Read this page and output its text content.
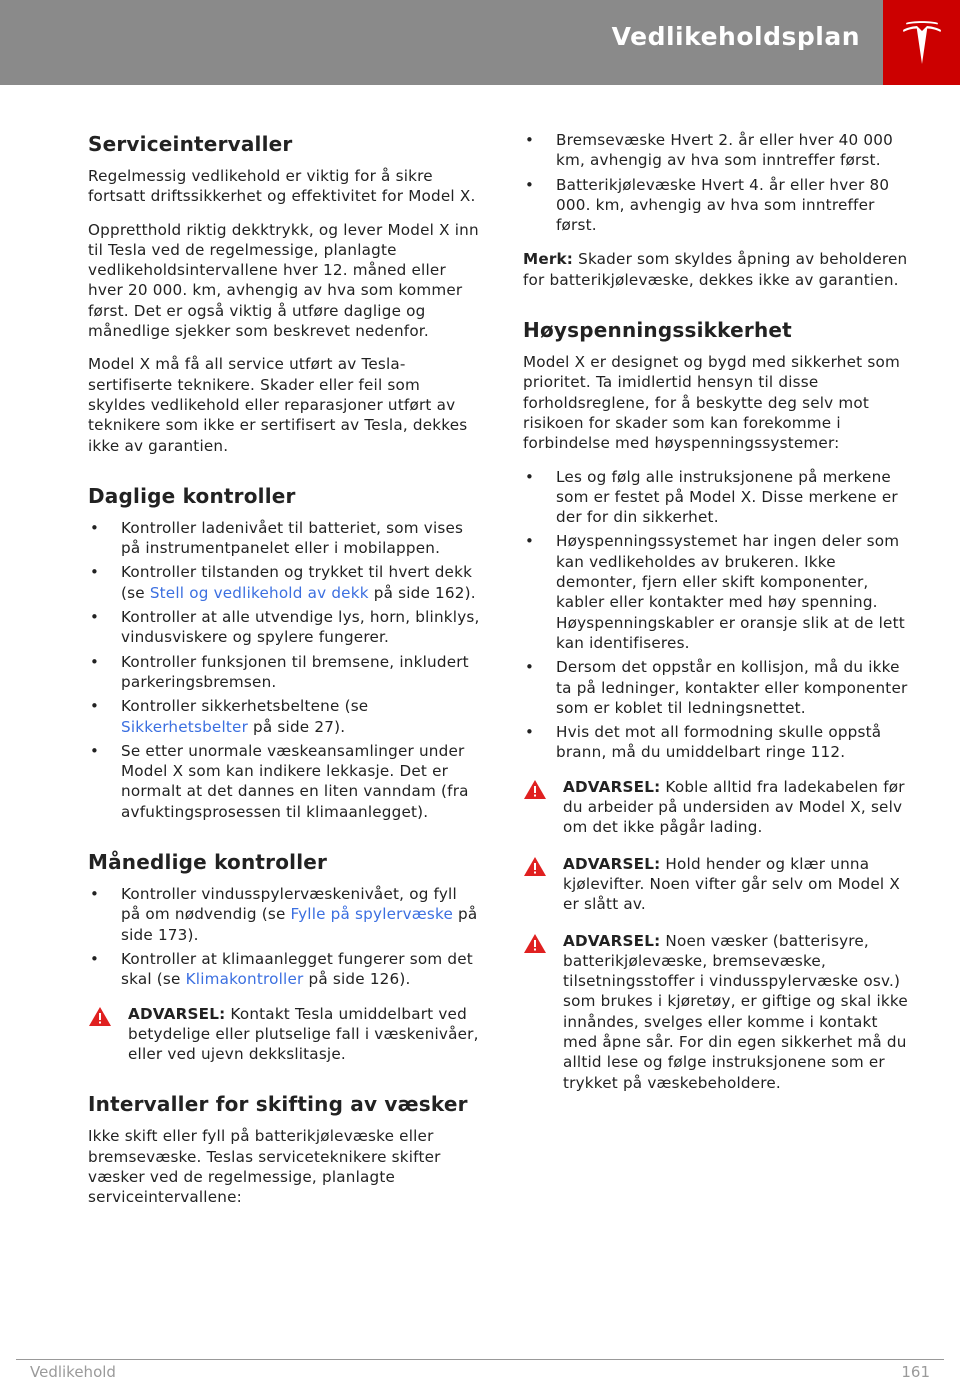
Vedlikeholdsplan
Serviceintervaller

Regelmessig vedlikehold er viktig for å sikre fortsatt driftssikkerhet og effektivitet for Model X.

Oppretthold riktig dekktrykk, og lever Model X inn til Tesla ved de regelmessige, planlagte vedlikeholdsintervallene hver 12. måned eller hver 20 000. km, avhengig av hva som kommer først. Det er også viktig å utføre daglige og månedlige sjekker som beskrevet nedenfor.

Model X må få all service utført av Tesla-sertifiserte teknikere. Skader eller feil som skyldes vedlikehold eller reparasjoner utført av teknikere som ikke er sertifisert av Tesla, dekkes ikke av garantien.

Daglige kontroller
• Kontroller ladenivået til batteriet, som vises på instrumentpanelet eller i mobilappen.
• Kontroller tilstanden og trykket til hvert dekk (se Stell og vedlikehold av dekk på side 162).
• Kontroller at alle utvendige lys, horn, blinklys, vindusviskere og spylere fungerer.
• Kontroller funksjonen til bremsene, inkludert parkeringsbremsen.
• Kontroller sikkerhetsbeltene (se Sikkerhetsbelter på side 27).
• Se etter unormale væskeansamlinger under Model X som kan indikere lekkasje. Det er normalt at det dannes en liten vanndam (fra avfuktingsprosessen til klimaanlegget).
Månedlige kontroller
• Kontroller vindusspylervæskenivået, og fyll på om nødvendig (se Fylle på spylervæske på side 173).
• Kontroller at klimaanlegget fungerer som det skal (se Klimakontroller på side 126).
ADVARSEL: Kontakt Tesla umiddelbart ved betydelige eller plutselige fall i væskenivåer, eller ved ujevn dekkslitasje.
Intervaller for skifting av væsker

Ikke skift eller fyll på batterikjølevæske eller bremsevæske. Teslas serviceteknikere skifter væsker ved de regelmessige, planlagte serviceintervallene:

• Bremsevæske Hvert 2. år eller hver 40 000 km, avhengig av hva som inntreffer først.
• Batterikjølevæske Hvert 4. år eller hver 80 000. km, avhengig av hva som inntreffer først.

Merk: Skader som skyldes åpning av beholderen for batterikjølevæske, dekkes ikke av garantien.

Høyspenningssikkerhet

Model X er designet og bygd med sikkerhet som prioritet. Ta imidlertid hensyn til disse forholdsreglene, for å beskytte deg selv mot risikoen for skader som kan forekomme i forbindelse med høyspenningssystemer:

• Les og følg alle instruksjonene på merkene som er festet på Model X. Disse merkene er der for din sikkerhet.
• Høyspenningssystemet har ingen deler som kan vedlikeholdes av brukeren. Ikke demonter, fjern eller skift komponenter, kabler eller kontakter med høy spenning. Høyspenningskabler er oransje slik at de lett kan identifiseres.
• Dersom det oppstår en kollisjon, må du ikke ta på ledninger, kontakter eller komponenter som er koblet til ledningsnettet.
• Hvis det mot all formodning skulle oppstå brann, må du umiddelbart ringe 112.
ADVARSEL: Koble alltid fra ladekabelen før du arbeider på undersiden av Model X, selv om det ikke pågår lading.
ADVARSEL: Hold hender og klær unna kjølevifter. Noen vifter går selv om Model X er slått av.
ADVARSEL: Noen væsker (batterisyre, batterikjølevæske, bremsevæske, tilsetningsstoffer i vindusspylervæske osv.) som brukes i kjøretøy, er giftige og skal ikke innåndes, svelges eller komme i kontakt med åpne sår. For din egen sikkerhet må du alltid lese og følge instruksjonene som er trykket på væskebeholdere.
Vedlikehold	161
